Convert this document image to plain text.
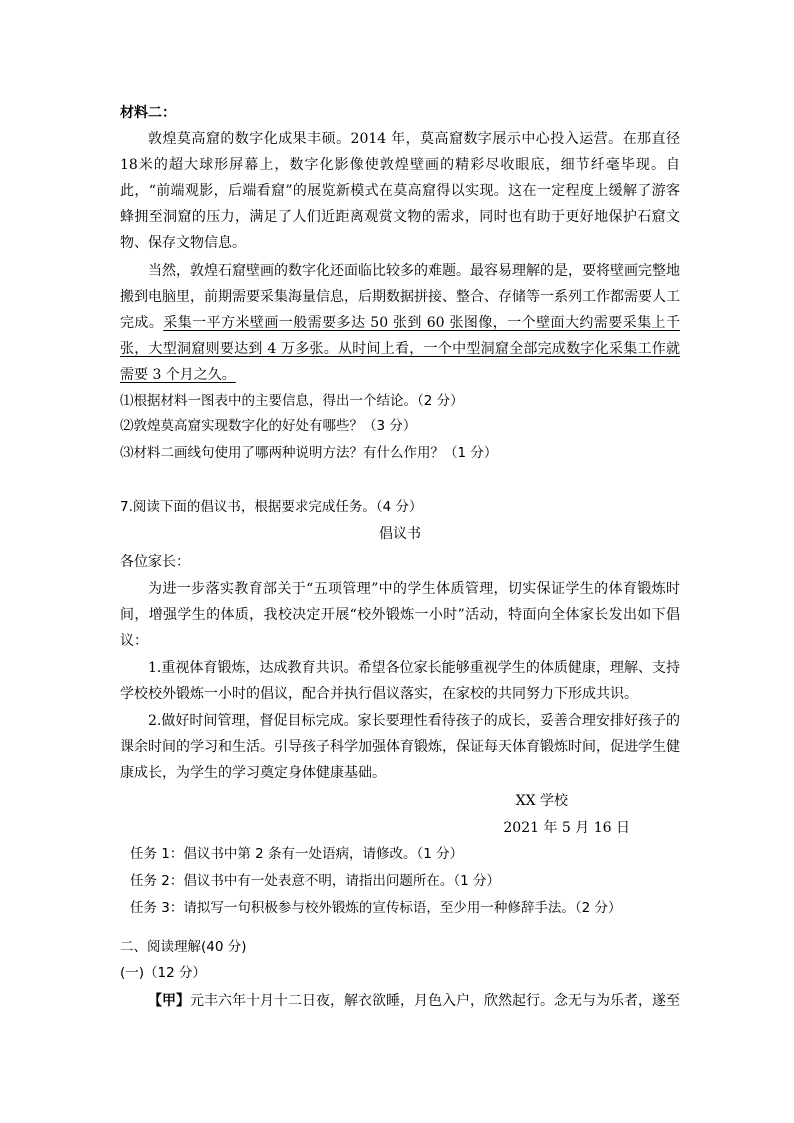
材料二：

敦煌莫高窟的数字化成果丰硕。2014 年，莫高窟数字展示中心投入运营。在那直径18米的超大球形屏幕上，数字化影像使敦煌壁画的精彩尽收眼底，细节纤毫毕现。自此，“前端观影，后端看窟”的展览新模式在莫高窟得以实现。这在一定程度上缓解了游客蜂拥至洞窟的压力，满足了人们近距离观赏文物的需求，同时也有助于更好地保护石窟文物、保存文物信息。

当然，敦煌石窟壁画的数字化还面临比较多的难题。最容易理解的是，要将壁画完整地搬到电脑里，前期需要采集海量信息，后期数据拼接、整合、存储等一系列工作都需要人工完成。采集一平方米壁画一般需要多达 50 张到 60 张图像，一个壁面大约需要采集上千张，大型洞窟则要达到 4 万多张。从时间上看，一个中型洞窟全部完成数字化采集工作就需要 3 个月之久。

⑴根据材料一图表中的主要信息，得出一个结论。（2 分）

⑵敦煌莫高窟实现数字化的好处有哪些？（3 分）

⑶材料二画线句使用了哪两种说明方法？有什么作用？（1 分）

7.阅读下面的倡议书，根据要求完成任务。（4 分）

倡议书

各位家长：

为进一步落实教育部关于“五项管理”中的学生体质管理，切实保证学生的体育锻炼时间，增强学生的体质，我校决定开展“校外锻炼一小时”活动，特面向全体家长发出如下倡议：

1.重视体育锻炼，达成教育共识。希望各位家长能够重视学生的体质健康，理解、支持学校校外锻炼一小时的倡议，配合并执行倡议落实，在家校的共同努力下形成共识。

2.做好时间管理，督促目标完成。家长要理性看待孩子的成长，妥善合理安排好孩子的课余时间的学习和生活。引导孩子科学加强体育锻炼，保证每天体育锻炼时间，促进学生健康成长，为学生的学习奠定身体健康基础。

XX 学校

2021 年 5 月 16 日

任务 1：倡议书中第 2 条有一处语病，请修改。（1 分）

任务 2：倡议书中有一处表意不明，请指出问题所在。（1 分）

任务 3：请拟写一句积极参与校外锻炼的宣传标语，至少用一种修辞手法。（2 分）

二、阅读理解(40 分)

(一)（12 分）

【甲】元丰六年十月十二日夜，解衣欲睡，月色入户，欣然起行。念无与为乐者，遂至
